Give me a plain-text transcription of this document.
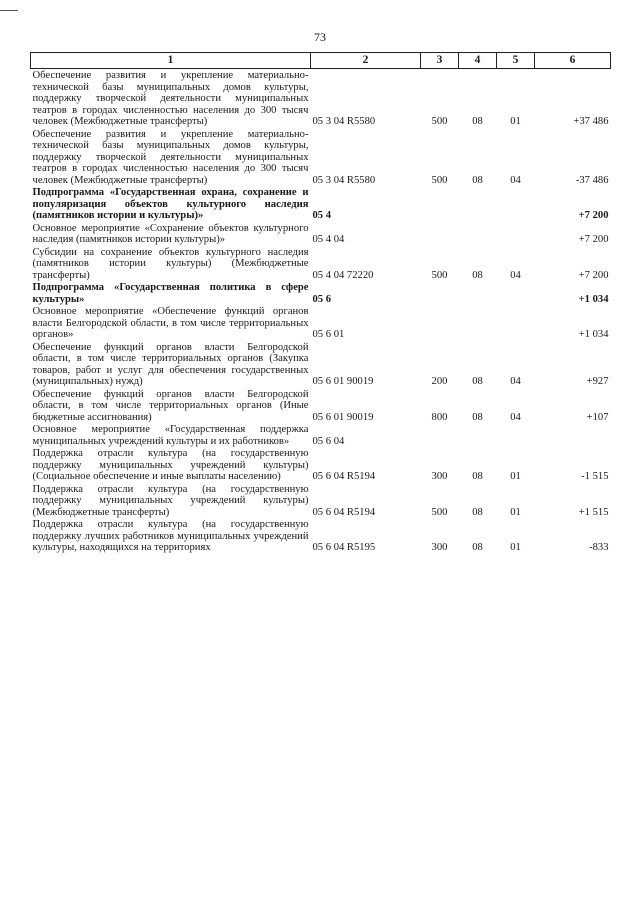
73
1	2	3	4	5	6
Обеспечение развития и укрепление материально-технической базы муниципальных домов культуры, поддержку творческой деятельности муниципальных театров в городах численностью населения до 300 тысяч человек (Межбюджетные трансферты)	05 3 04 R5580	500	08	01	+37 486
Обеспечение развития и укрепление материально-технической базы муниципальных домов культуры, поддержку творческой деятельности муниципальных театров в городах численностью населения до 300 тысяч человек (Межбюджетные трансферты)	05 3 04 R5580	500	08	04	-37 486
Подпрограмма «Государственная охрана, сохранение и популяризация объектов культурного наследия (памятников истории и культуры)»	05 4				+7 200
Основное мероприятие «Сохранение объектов культурного наследия (памятников истории культуры)»	05 4 04				+7 200
Субсидии на сохранение объектов культурного наследия (памятников истории культуры) (Межбюджетные трансферты)	05 4 04 72220	500	08	04	+7 200
Подпрограмма «Государственная политика в сфере культуры»	05 6				+1 034
Основное мероприятие «Обеспечение функций органов власти Белгородской области, в том числе территориальных органов»	05 6 01				+1 034
Обеспечение функций органов власти Белгородской области, в том числе территориальных органов (Закупка товаров, работ и услуг для обеспечения государственных (муниципальных) нужд)	05 6 01 90019	200	08	04	+927
Обеспечение функций органов власти Белгородской области, в том числе территориальных органов (Иные бюджетные ассигнования)	05 6 01 90019	800	08	04	+107
Основное мероприятие «Государственная поддержка муниципальных учреждений культуры и их работников»	05 6 04				
Поддержка отрасли культура (на государственную поддержку муниципальных учреждений культуры) (Социальное обеспечение и иные выплаты населению)	05 6 04 R5194	300	08	01	-1 515
Поддержка отрасли культура (на государственную поддержку муниципальных учреждений культуры) (Межбюджетные трансферты)	05 6 04 R5194	500	08	01	+1 515
Поддержка отрасли культура (на государственную поддержку лучших работников муниципальных учреждений культуры, находящихся на территориях	05 6 04 R5195	300	08	01	-833
